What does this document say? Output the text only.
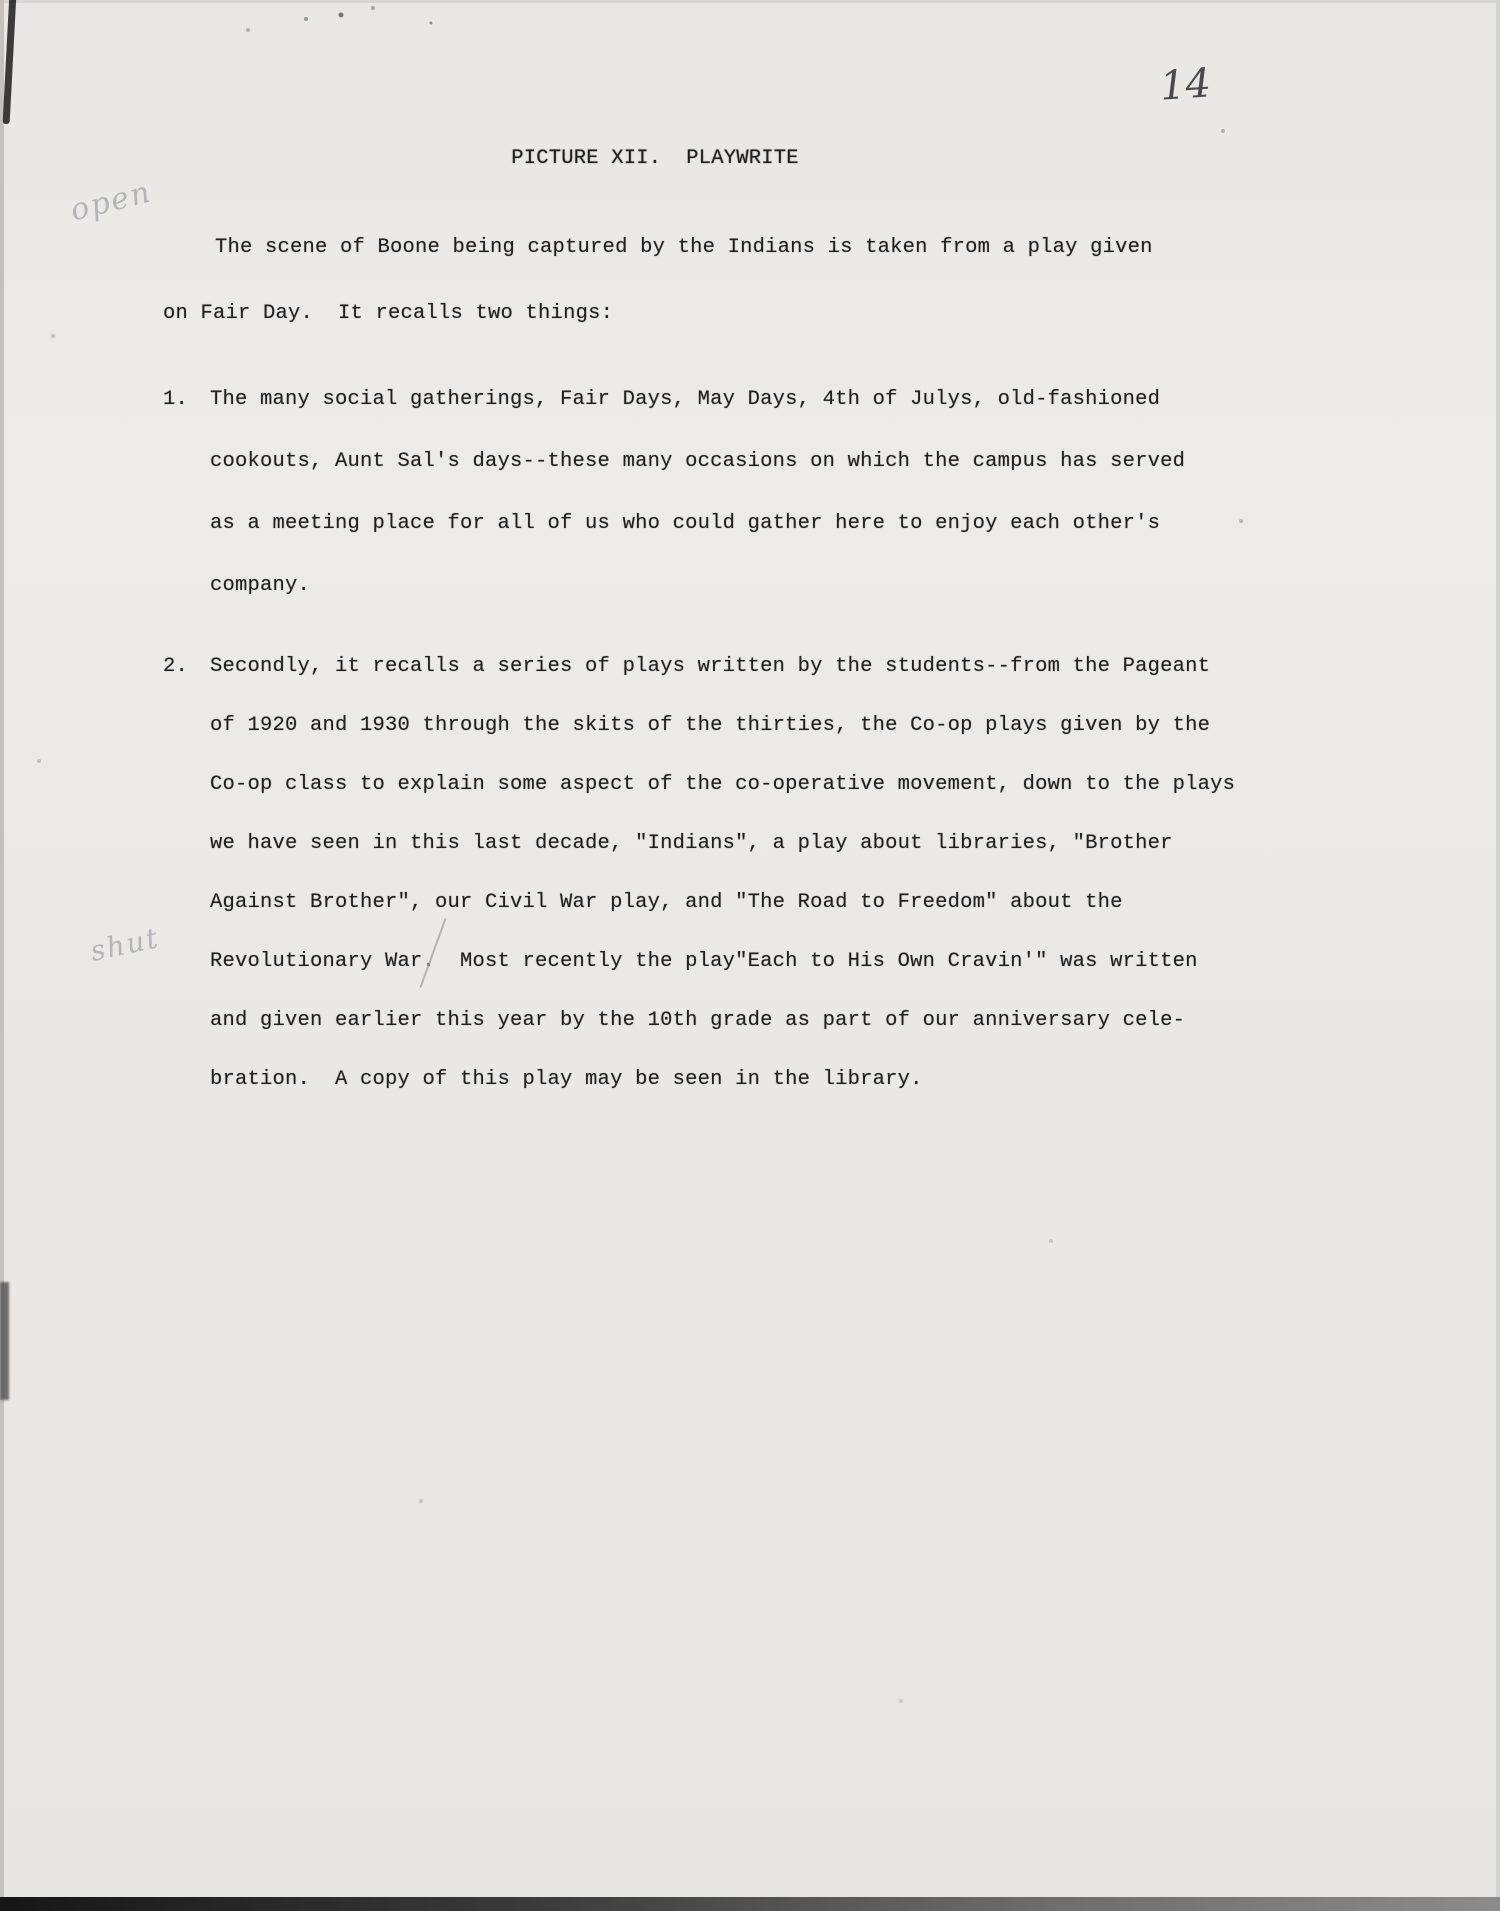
14
PICTURE XII.  PLAYWRITE
open
The scene of Boone being captured by the Indians is taken from a play given
on Fair Day.  It recalls two things:
1. The many social gatherings, Fair Days, May Days, 4th of Julys, old-fashioned
cookouts, Aunt Sal's days--these many occasions on which the campus has served
as a meeting place for all of us who could gather here to enjoy each other's
company.
2. Secondly, it recalls a series of plays written by the students--from the Pageant
of 1920 and 1930 through the skits of the thirties, the Co-op plays given by the
Co-op class to explain some aspect of the co-operative movement, down to the plays
we have seen in this last decade, "Indians", a play about libraries, "Brother
Against Brother", our Civil War play, and "The Road to Freedom" about the
Revolutionary War.  Most recently the play"Each to His Own Cravin'" was written
and given earlier this year by the 10th grade as part of our anniversary cele-
bration.  A copy of this play may be seen in the library.
shut
